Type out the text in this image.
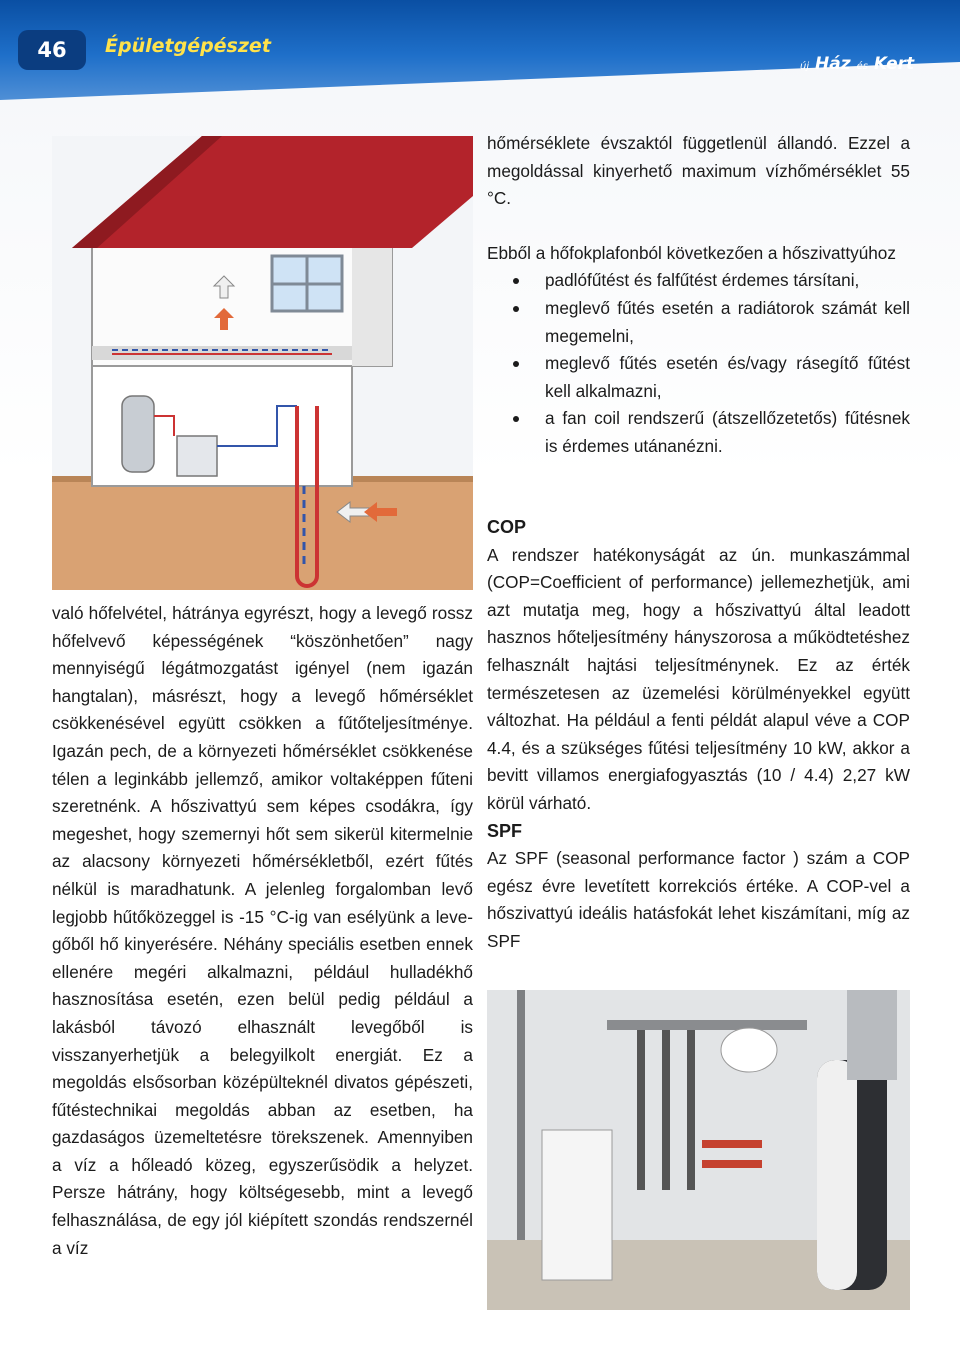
46	Épületgépészet
új Ház és Kert

hőmérséklete évszaktól függetlenül állandó. Ezzel a megoldással kinyerhető maximum vízhőmérséklet 55 °C.

Ebből a hőfokplafonból következően a hőszivattyúhoz

padlófűtést és falfűtést érdemes társítani,
meglevő fűtés esetén a radiátorok számát kell megemelni,
meglevő fűtés esetén és/vagy rásegítő fűtést kell alkalmazni,
a fan coil rendszerű (átszellőzetetős) fűtésnek is érdemes utánanézni.

COP

A rendszer hatékonyságát az ún. munkaszámmal (COP=Coefficient of performance) jellemezhetjük, ami azt mutatja meg, hogy a hőszivattyú által leadott hasznos hőteljesítmény hányszorosa a működtetéshez felhasznált hajtási teljesítménynek. Ez az érték természetesen az üzemelési körülményekkel együtt változhat. Ha például a fenti példát alapul véve a COP 4.4, és a szükséges fűtési teljesítmény 10 kW, akkor a bevitt villamos energiafogyasztás (10 / 4.4) 2,27 kW körül várható.

SPF

Az SPF (seasonal performance factor ) szám a COP egész évre levetített korrekciós értéke. A COP-vel a hőszivattyú ideális hatásfokát lehet kiszámítani, míg az SPF

való hőfelvétel, hátránya egyrészt, hogy a levegő rossz hőfelvevő képességének “köszönhetően” nagy mennyiségű légátmozgatást igényel (nem igazán hangtalan), másrészt, hogy a levegő hőmérséklet csökkenésével együtt csökken a fűtőteljesítménye. Igazán pech, de a környezeti hőmérséklet csökkenése télen a leginkább jellemző, amikor voltaképpen fűteni szeretnénk. A hőszivattyú sem képes csodákra, így megeshet, hogy szemernyi hőt sem sikerül kitermelnie az alacsony környezeti hőmérsékletből, ezért fűtés nélkül is maradhatunk. A jelenleg forgalomban levő legjobb hűtőközeggel is -15 °C-ig van esélyünk a levegőből hő kinyerésére. Néhány speciális esetben ennek ellenére megéri alkalmazni, például hulladékhő hasznosítása esetén, ezen belül pedig például a lakásból távozó elhasznált levegőből is visszanyerhetjük a belegyilkolt energiát. Ez a megoldás elsősorban középülteknél divatos gépészeti, fűtéstechnikai megoldás abban az esetben, ha gazdaságos üzemeltetésre törekszenek. Amennyiben a víz a hőleadó közeg, egyszerűsödik a helyzet. Persze hátrány, hogy költségesebb, mint a levegő felhasználása, de egy jól kiépített szondás rendszernél a víz
